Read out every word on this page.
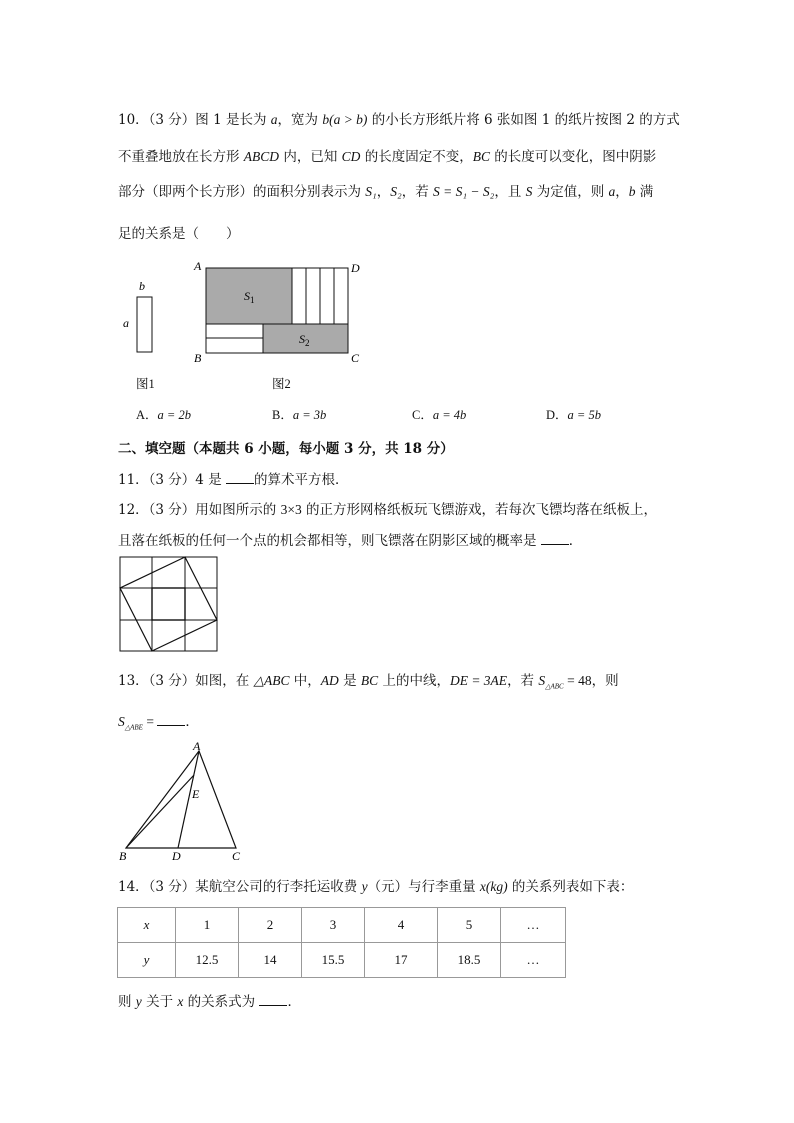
10．（3 分）图 1 是长为 a，宽为 b(a > b) 的小长方形纸片将 6 张如图 1 的纸片按图 2 的方式
不重叠地放在长方形 ABCD 内，已知 CD 的长度固定不变，BC 的长度可以变化，图中阴影
部分（即两个长方形）的面积分别表示为 S₁，S₂，若 S = S₁ − S₂，且 S 为定值，则 a，b 满
足的关系是（　　）
b
a
图1
A	D
B	C
$S_1$
$S_2$
图2
A．a = 2b	B．a = 3b	C．a = 4b	D．a = 5b
二、填空题（本题共 6 小题，每小题 3 分，共 18 分）
11．（3 分）4 是 的算术平方根．
12．（3 分）用如图所示的 3×3 的正方形网格纸板玩飞镖游戏，若每次飞镖均落在纸板上，
且落在纸板的任何一个点的机会都相等，则飞镖落在阴影区域的概率是 ．
13．（3 分）如图，在 △ABC 中，AD 是 BC 上的中线，DE = 3AE，若 $S_{\triangle ABC} = 48$，则
$S_{\triangle ABE}$ = ．
A
B	D	C
E
14．（3 分）某航空公司的行李托运收费 y（元）与行李重量 x(kg) 的关系列表如下表：
x	1	2	3	4	5	…
y	12.5	14	15.5	17	18.5	…
则 y 关于 x 的关系式为 ．
